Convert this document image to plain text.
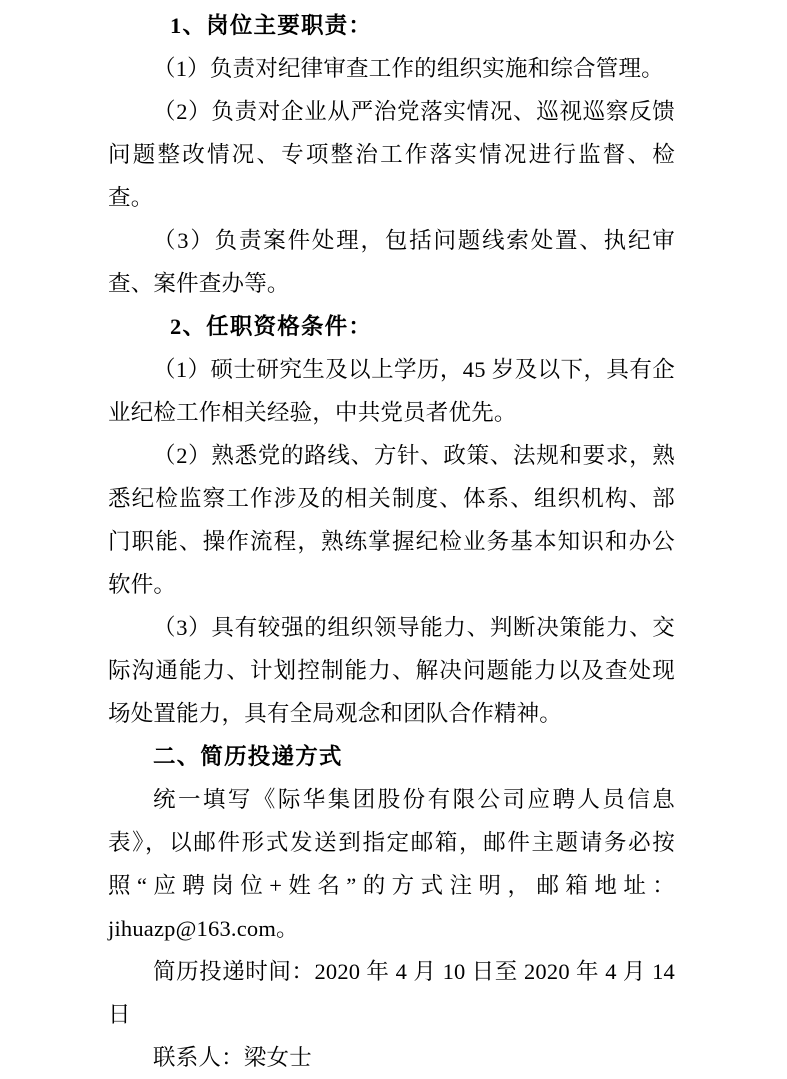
1、岗位主要职责：

（1）负责对纪律审查工作的组织实施和综合管理。

（2）负责对企业从严治党落实情况、巡视巡察反馈问题整改情况、专项整治工作落实情况进行监督、检查。

（3）负责案件处理，包括问题线索处置、执纪审查、案件查办等。

2、任职资格条件：

（1）硕士研究生及以上学历，45 岁及以下，具有企业纪检工作相关经验，中共党员者优先。

（2）熟悉党的路线、方针、政策、法规和要求，熟悉纪检监察工作涉及的相关制度、体系、组织机构、部门职能、操作流程，熟练掌握纪检业务基本知识和办公软件。

（3）具有较强的组织领导能力、判断决策能力、交际沟通能力、计划控制能力、解决问题能力以及查处现场处置能力，具有全局观念和团队合作精神。

二、简历投递方式

统一填写《际华集团股份有限公司应聘人员信息表》，以邮件形式发送到指定邮箱，邮件主题请务必按照“应聘岗位+姓名”的方式注明，邮箱地址：jihuazp@163.com。

简历投递时间：2020 年 4 月 10 日至 2020 年 4 月 14 日

联系人：梁女士
